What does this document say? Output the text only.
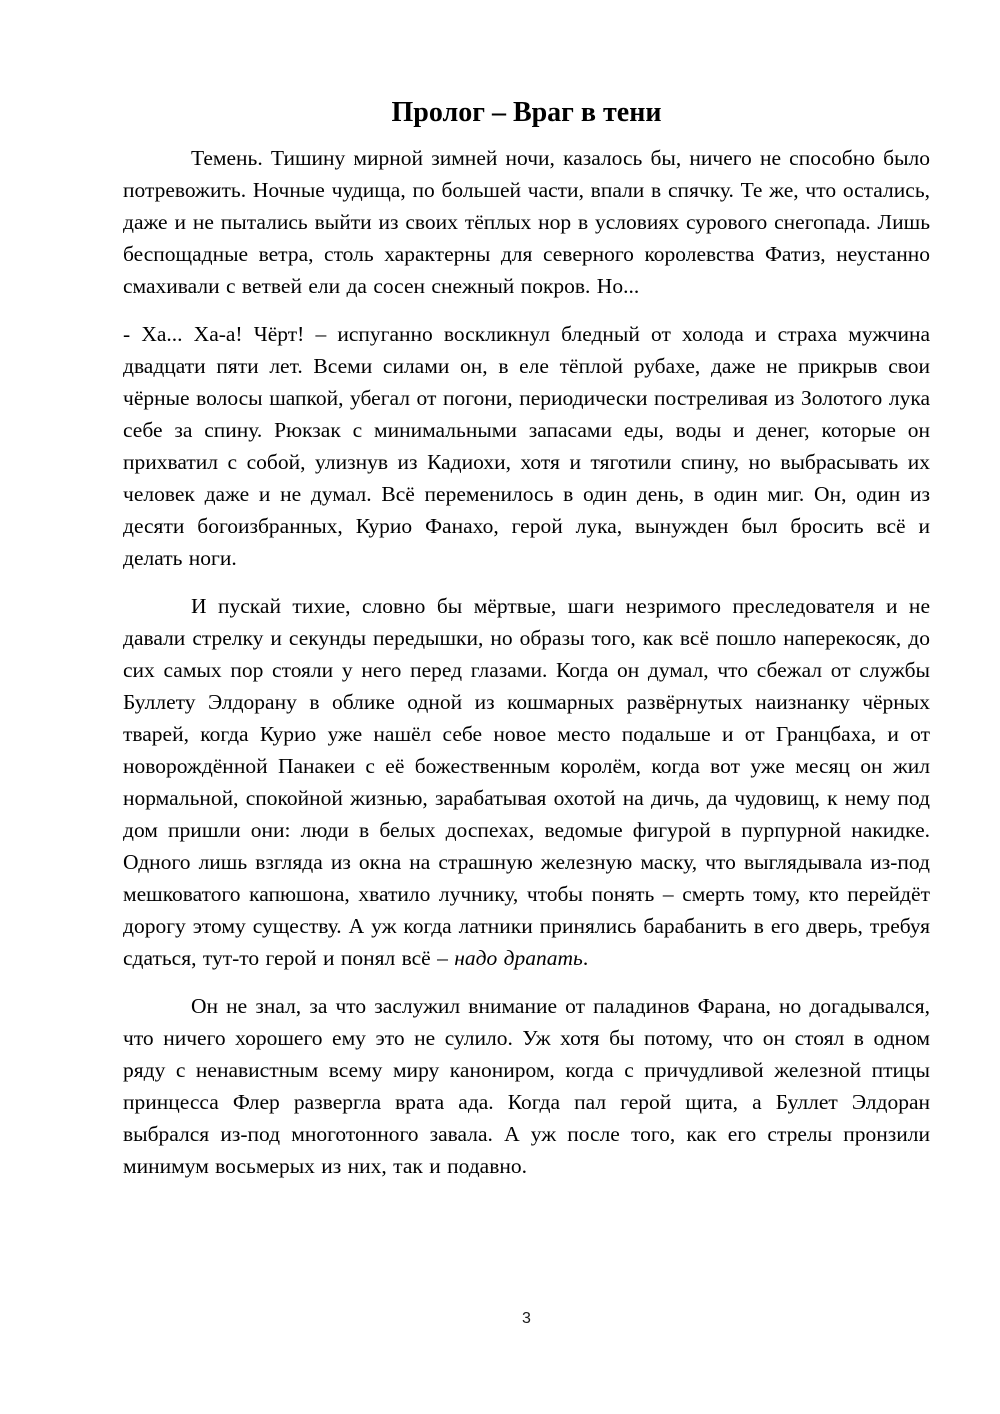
Пролог – Враг в тени

Темень. Тишину мирной зимней ночи, казалось бы, ничего не способно было потревожить. Ночные чудища, по большей части, впали в спячку. Те же, что остались, даже и не пытались выйти из своих тёплых нор в условиях сурового снегопада. Лишь беспощадные ветра, столь характерны для северного королевства Фатиз, неустанно смахивали с ветвей ели да сосен снежный покров. Но...

- Ха... Ха-а! Чёрт! – испуганно воскликнул бледный от холода и страха мужчина двадцати пяти лет. Всеми силами он, в еле тёплой рубахе, даже не прикрыв свои чёрные волосы шапкой, убегал от погони, периодически постреливая из Золотого лука себе за спину. Рюкзак с минимальными запасами еды, воды и денег, которые он прихватил с собой, улизнув из Кадиохи, хотя и тяготили спину, но выбрасывать их человек даже и не думал. Всё переменилось в один день, в один миг. Он, один из десяти богоизбранных, Курио Фанахо, герой лука, вынужден был бросить всё и делать ноги.

И пускай тихие, словно бы мёртвые, шаги незримого преследователя и не давали стрелку и секунды передышки, но образы того, как всё пошло наперекосяк, до сих самых пор стояли у него перед глазами. Когда он думал, что сбежал от службы Буллету Элдорану в облике одной из кошмарных развёрнутых наизнанку чёрных тварей, когда Курио уже нашёл себе новое место подальше и от Гранцбаха, и от новорождённой Панакеи с её божественным королём, когда вот уже месяц он жил нормальной, спокойной жизнью, зарабатывая охотой на дичь, да чудовищ, к нему под дом пришли они: люди в белых доспехах, ведомые фигурой в пурпурной накидке. Одного лишь взгляда из окна на страшную железную маску, что выглядывала из-под мешковатого капюшона, хватило лучнику, чтобы понять – смерть тому, кто перейдёт дорогу этому существу. А уж когда латники принялись барабанить в его дверь, требуя сдаться, тут-то герой и понял всё – надо драпать.

Он не знал, за что заслужил внимание от паладинов Фарана, но догадывался, что ничего хорошего ему это не сулило. Уж хотя бы потому, что он стоял в одном ряду с ненавистным всему миру канониром, когда с причудливой железной птицы принцесса Флер развергла врата ада. Когда пал герой щита, а Буллет Элдоран выбрался из-под многотонного завала. А уж после того, как его стрелы пронзили минимум восьмерых из них, так и подавно.

3
